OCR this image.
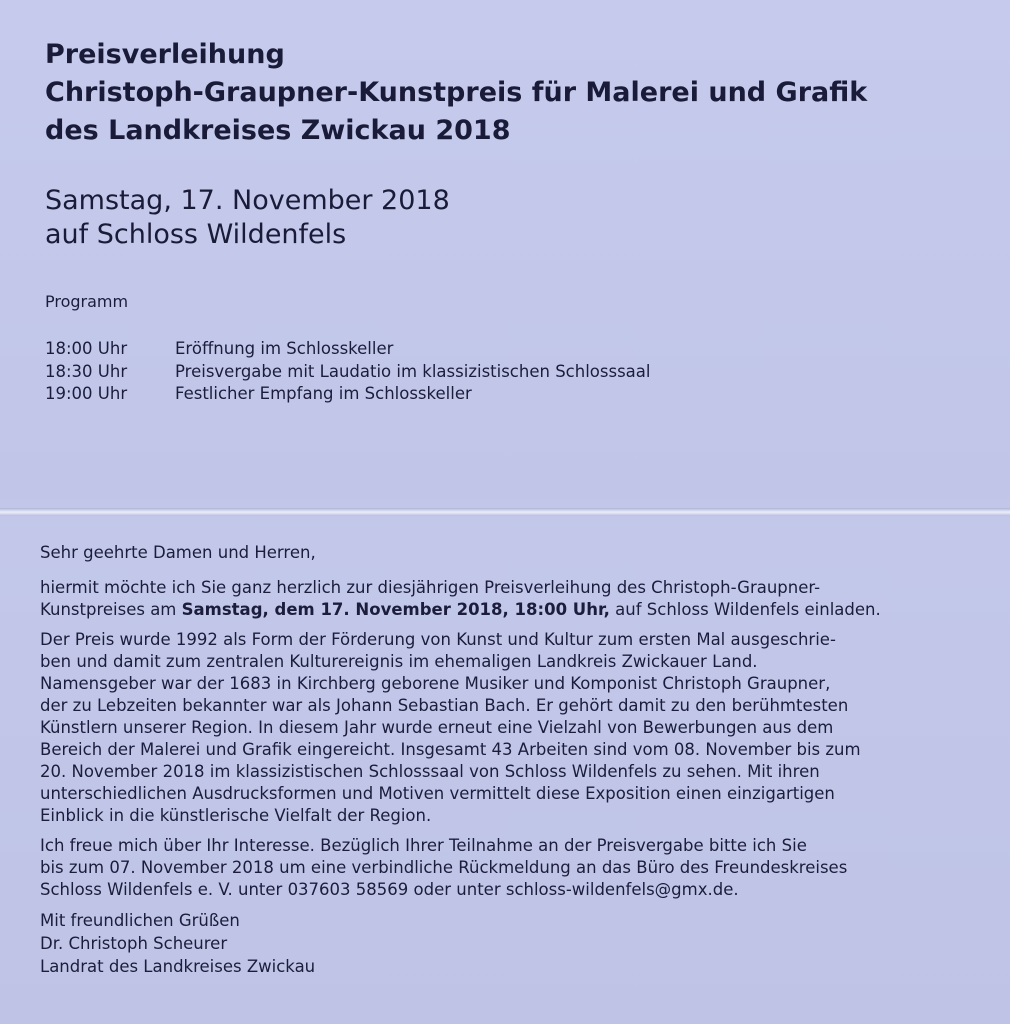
Preisverleihung

Christoph-Graupner-Kunstpreis für Malerei und Grafik

des Landkreises Zwickau 2018

Samstag, 17. November 2018

auf Schloss Wildenfels

Programm

18:00 Uhr	Eröffnung im Schlosskeller
18:30 Uhr	Preisvergabe mit Laudatio im klassizistischen Schlosssaal
19:00 Uhr	Festlicher Empfang im Schlosskeller

Sehr geehrte Damen und Herren,

hiermit möchte ich Sie ganz herzlich zur diesjährigen Preisverleihung des Christoph-Graupner-
Kunstpreises am Samstag, dem 17. November 2018, 18:00 Uhr, auf Schloss Wildenfels einladen.

Der Preis wurde 1992 als Form der Förderung von Kunst und Kultur zum ersten Mal ausgeschrie-
ben und damit zum zentralen Kulturereignis im ehemaligen Landkreis Zwickauer Land.
Namensgeber war der 1683 in Kirchberg geborene Musiker und Komponist Christoph Graupner,
der zu Lebzeiten bekannter war als Johann Sebastian Bach. Er gehört damit zu den berühmtesten
Künstlern unserer Region. In diesem Jahr wurde erneut eine Vielzahl von Bewerbungen aus dem
Bereich der Malerei und Grafik eingereicht. Insgesamt 43 Arbeiten sind vom 08. November bis zum
20. November 2018 im klassizistischen Schlosssaal von Schloss Wildenfels zu sehen. Mit ihren
unterschiedlichen Ausdrucksformen und Motiven vermittelt diese Exposition einen einzigartigen
Einblick in die künstlerische Vielfalt der Region.

Ich freue mich über Ihr Interesse. Bezüglich Ihrer Teilnahme an der Preisvergabe bitte ich Sie
bis zum 07. November 2018 um eine verbindliche Rückmeldung an das Büro des Freundeskreises
Schloss Wildenfels e. V. unter 037603 58569 oder unter schloss-wildenfels@gmx.de.

Mit freundlichen Grüßen
Dr. Christoph Scheurer
Landrat des Landkreises Zwickau
